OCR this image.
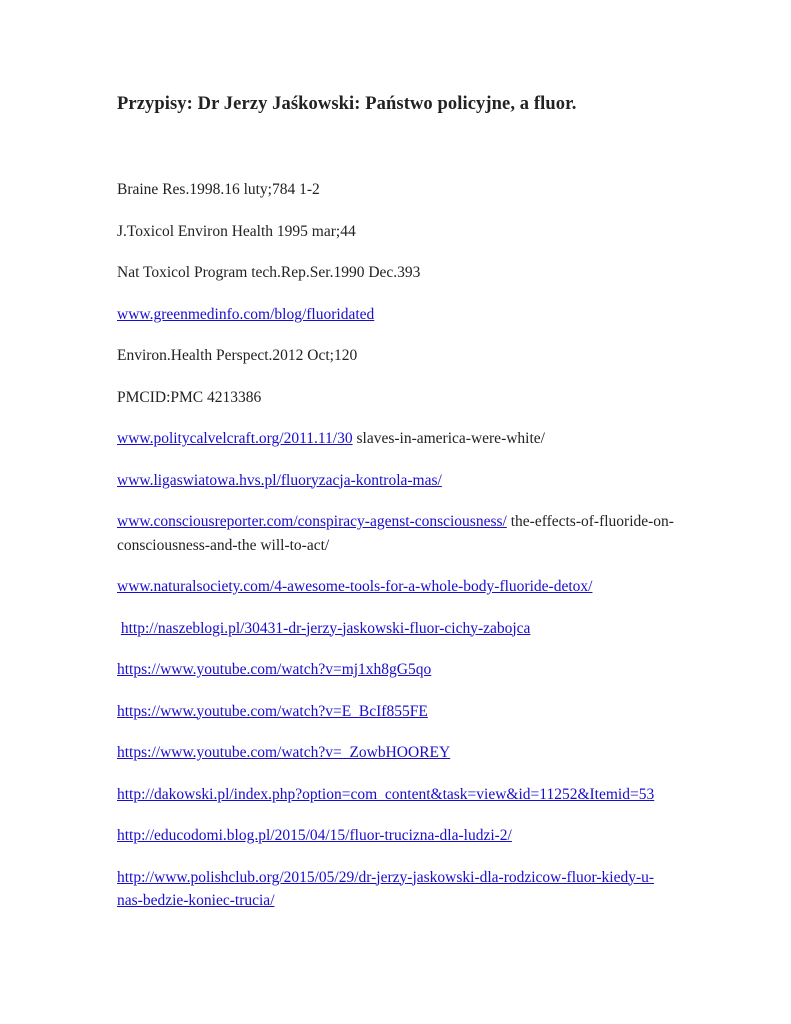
Przypisy: Dr Jerzy Jaśkowski: Państwo policyjne, a fluor.
Braine Res.1998.16 luty;784 1-2
J.Toxicol Environ Health 1995 mar;44
Nat Toxicol Program tech.Rep.Ser.1990 Dec.393
www.greenmedinfo.com/blog/fluoridated
Environ.Health Perspect.2012 Oct;120
PMCID:PMC 4213386
www.politycalvelcraft.org/2011.11/30 slaves-in-america-were-white/
www.ligaswiatowa.hvs.pl/fluoryzacja-kontrola-mas/
www.consciousreporter.com/conspiracy-agenst-consciousness/ the-effects-of-fluoride-on-consciousness-and-the will-to-act/
www.naturalsociety.com/4-awesome-tools-for-a-whole-body-fluoride-detox/
http://naszeblogi.pl/30431-dr-jerzy-jaskowski-fluor-cichy-zabojca
https://www.youtube.com/watch?v=mj1xh8gG5qo
https://www.youtube.com/watch?v=E_BcIf855FE
https://www.youtube.com/watch?v=_ZowbHOOREY
http://dakowski.pl/index.php?option=com_content&task=view&id=11252&Itemid=53
http://educodomi.blog.pl/2015/04/15/fluor-trucizna-dla-ludzi-2/
http://www.polishclub.org/2015/05/29/dr-jerzy-jaskowski-dla-rodzicow-fluor-kiedy-u-nas-bedzie-koniec-trucia/
